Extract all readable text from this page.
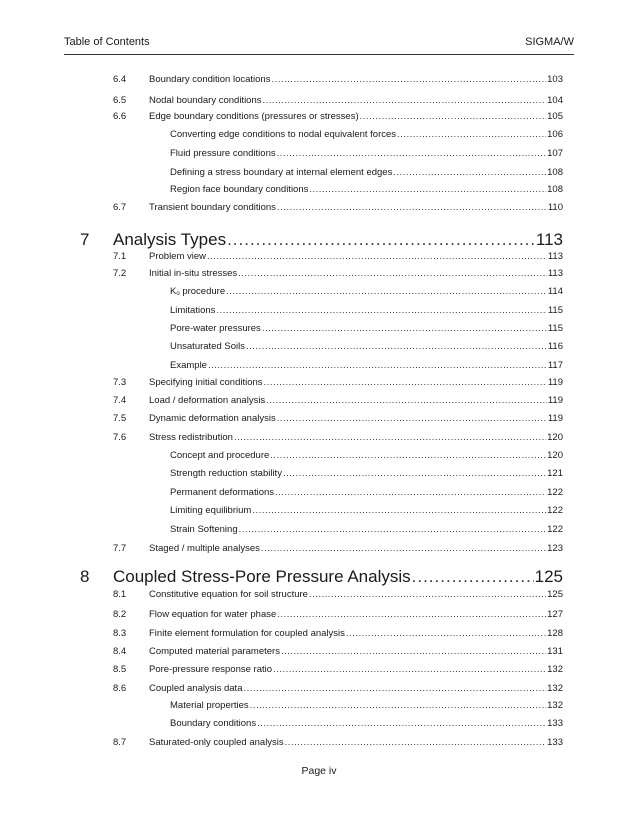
Table of Contents	SIGMA/W
6.4 Boundary condition locations .....	103
6.5 Nodal boundary conditions .....	104
6.6 Edge boundary conditions (pressures or stresses) .....	105
Converting edge conditions to nodal equivalent forces .....	106
Fluid pressure conditions .....	107
Defining a stress boundary at internal element edges .....	108
Region face boundary conditions .....	108
6.7 Transient boundary conditions .....	110
7 Analysis Types .....	113
7.1 Problem view .....	113
7.2 Initial in-situ stresses .....	113
$K_o$ procedure .....	114
Limitations .....	115
Pore-water pressures .....	115
Unsaturated Soils .....	116
Example .....	117
7.3 Specifying initial conditions .....	119
7.4 Load / deformation analysis .....	119
7.5 Dynamic deformation analysis .....	119
7.6 Stress redistribution .....	120
Concept and procedure .....	120
Strength reduction stability .....	121
Permanent deformations .....	122
Limiting equilibrium .....	122
Strain Softening .....	122
7.7 Staged / multiple analyses .....	123
8 Coupled Stress-Pore Pressure Analysis .....	125
8.1 Constitutive equation for soil structure .....	125
8.2 Flow equation for water phase .....	127
8.3 Finite element formulation for coupled analysis .....	128
8.4 Computed material parameters .....	131
8.5 Pore-pressure response ratio .....	132
8.6 Coupled analysis data .....	132
Material properties .....	132
Boundary conditions .....	133
8.7 Saturated-only coupled analysis .....	133
Page iv
